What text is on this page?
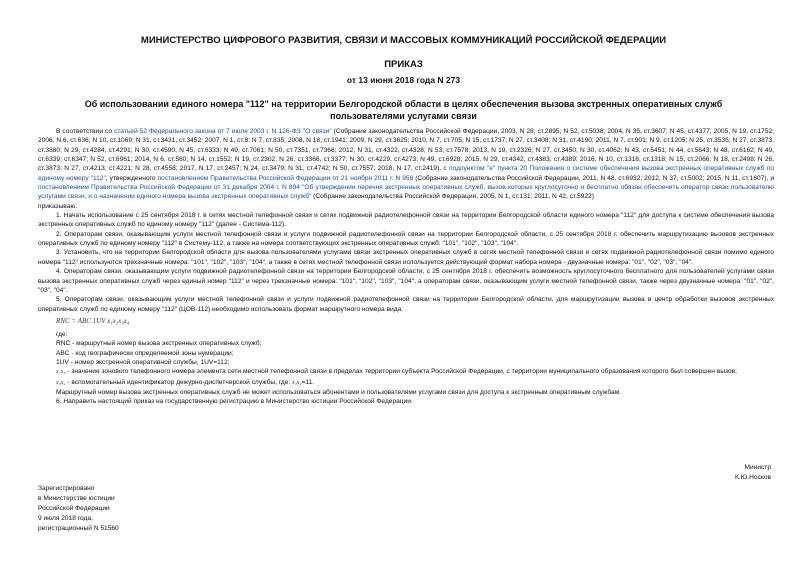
МИНИСТЕРСТВО ЦИФРОВОГО РАЗВИТИЯ, СВЯЗИ И МАССОВЫХ КОММУНИКАЦИЙ РОССИЙСКОЙ ФЕДЕРАЦИИ
ПРИКАЗ
от 13 июня 2018 года N 273
Об использовании единого номера "112" на территории Белгородской области в целях обеспечения вызова экстренных оперативных служб пользователями услугами связи

В соответствии со статьей 52 Федерального закона от 7 июля 2003 г. N 126-ФЗ "О связи" (Собрание законодательства Российской Федерации, 2003, N 28, ст.2895; N 52, ст.5038; 2004, N 35, ст.3607; N 45, ст.4377; 2005, N 19, ст.1752; 2006, N 6, ст.636; N 10, ст.1069; N 31, ст.3431, ст.3452; 2007, N 1, ст.8; N 7, ст.835; 2008, N 18, ст.1941; 2009, N 29, ст.3625; 2010, N 7, ст.705; N 15, ст.1737; N 27, ст.3408; N 31, ст.4190; 2011, N 7, ст.901; N 9, ст.1205; N 25, ст.3535; N 27, ст.3873, ст.3880; N 29, ст.4284, ст.4291; N 30, ст.4590; N 45, ст.6333; N 49, ст.7061; N 50, ст.7351, ст.7366; 2012, N 31, ст.4322, ст.4328; N 53, ст.7578; 2013, N 19, ст.2326; N 27, ст.3450; N 30, ст.4062; N 43, ст.5451; N 44, ст.5643; N 48, ст.6162; N 49, ст.6339; ст.6347; N 52, ст.6961; 2014, N 6, ст.560; N 14, ст.1552; N 19, ст.2302; N 26, ст.3366, ст.3377; N 30, ст.4229, ст.4273; N 49, ст.6928; 2015, N 29, ст.4342, ст.4383, ст.4389; 2016, N 10, ст.1316, ст.1318; N 15, ст.2066; N 18, ст.2498; N 26, ст.3873; N 27, ст.4213, ст.4221; N 28, ст.4558; 2017, N 17, ст.2457; N 24, ст.3479; N 31, ст.4742; N 50, ст.7557; 2018, N 17, ст.2419), с подпунктом "е" пункта 20 Положения о системе обеспечения вызова экстренных оперативных служб по единому номеру "112", утвержденного постановлением Правительства Российской Федерации от 21 ноября 2011 г. N 958 (Собрание законодательства Российской Федерации, 2011, N 48, ст.6932; 2012, N 37, ст.5002; 2015, N 11, ст.1607), и постановлением Правительства Российской Федерации от 31 декабря 2004 г. N 894 "Об утверждении перечня экстренных оперативных служб, вызов которых круглосуточно и бесплатно обязан обеспечить оператор связи пользователю услугами связи, и о назначении единого номера вызова экстренных оперативных служб" (Собрание законодательства Российской Федерации, 2005, N 1, ст.131; 2011, N 42, ст.5922)

приказываю:

1. Начать использование с 25 сентября 2018 г. в сетях местной телефонной связи и сетях подвижной радиотелефонной связи на территории Белгородской области единого номера "112" для доступа к системе обеспечения вызова экстренных оперативных служб по единому номеру "112" (далее - Система-112).

2. Операторам связи, оказывающим услуги местной телефонной связи и услуги подвижной радиотелефонной связи на территории Белгородской области, с 25 сентября 2018 г. обеспечить маршрутизацию вызовов экстренных оперативных служб по единому номеру "112" в Систему-112, а также на номера соответствующих экстренных оперативных служб: "101", "102", "103", "104".

3. Установить, что на территории Белгородской области для вызова пользователями услугами связи экстренных оперативных служб в сетях местной телефонной связи и сетях подвижной радиотелефонной связи помимо единого номера "112" используются трехзначные номера: "101", "102", "103", "104", а также в сетях местной телефонной связи используется действующий формат набора номера - двузначные номера: "01", "02", "03", "04".

4. Операторам связи, оказывающим услуги подвижной радиотелефонной связи на территории Белгородской области, с 25 сентября 2018 г. обеспечить возможность круглосуточного бесплатного для пользователей услугами связи вызова экстренных оперативных служб через единый номер "112" и через трехзначные номера: "101", "102", "103", "104", а операторам связи, оказывающим услуги местной телефонной связи, также через двузначные номера: "01", "02", "03", "04".

5. Операторам связи, оказывающим услуги местной телефонной связи и услуги подвижной радиотелефонной связи на территории Белгородской области, для маршрутизации вызова в центр обработки вызовов экстренных оперативных служб по единому номеру "112" (ЦОВ-112) необходимо использовать формат маршрутного номера вида:

RNC = ABC 1UV x₁x₂x₃x₄

где:

RNC - маршрутный номер вызова экстренных оперативных служб;

ABC - код географически определяемой зоны нумерации;

1UV - номер экстренной оперативной службы, 1UV=112;

x₁x₂ - значение зонового телефонного номера элемента сети местной телефонной связи в пределах территории субъекта Российской Федерации, с территории муниципального образования которого был совершен вызов;

x₃x₄ - вспомогательный идентификатор дежурно-диспетчерской службы, где: x₃x₄=11.

Маршрутный номер вызова экстренных оперативных служб не может использоваться абонентами и пользователями услугами связи для доступа к экстренным оперативным службам.

6. Направить настоящий приказ на государственную регистрацию в Министерство юстиции Российской Федерации.

Министр
К.Ю.Носков
Зарегистрировано
в Министерстве юстиции
Российской Федерации
9 июля 2018 года,
регистрационный N 51560
